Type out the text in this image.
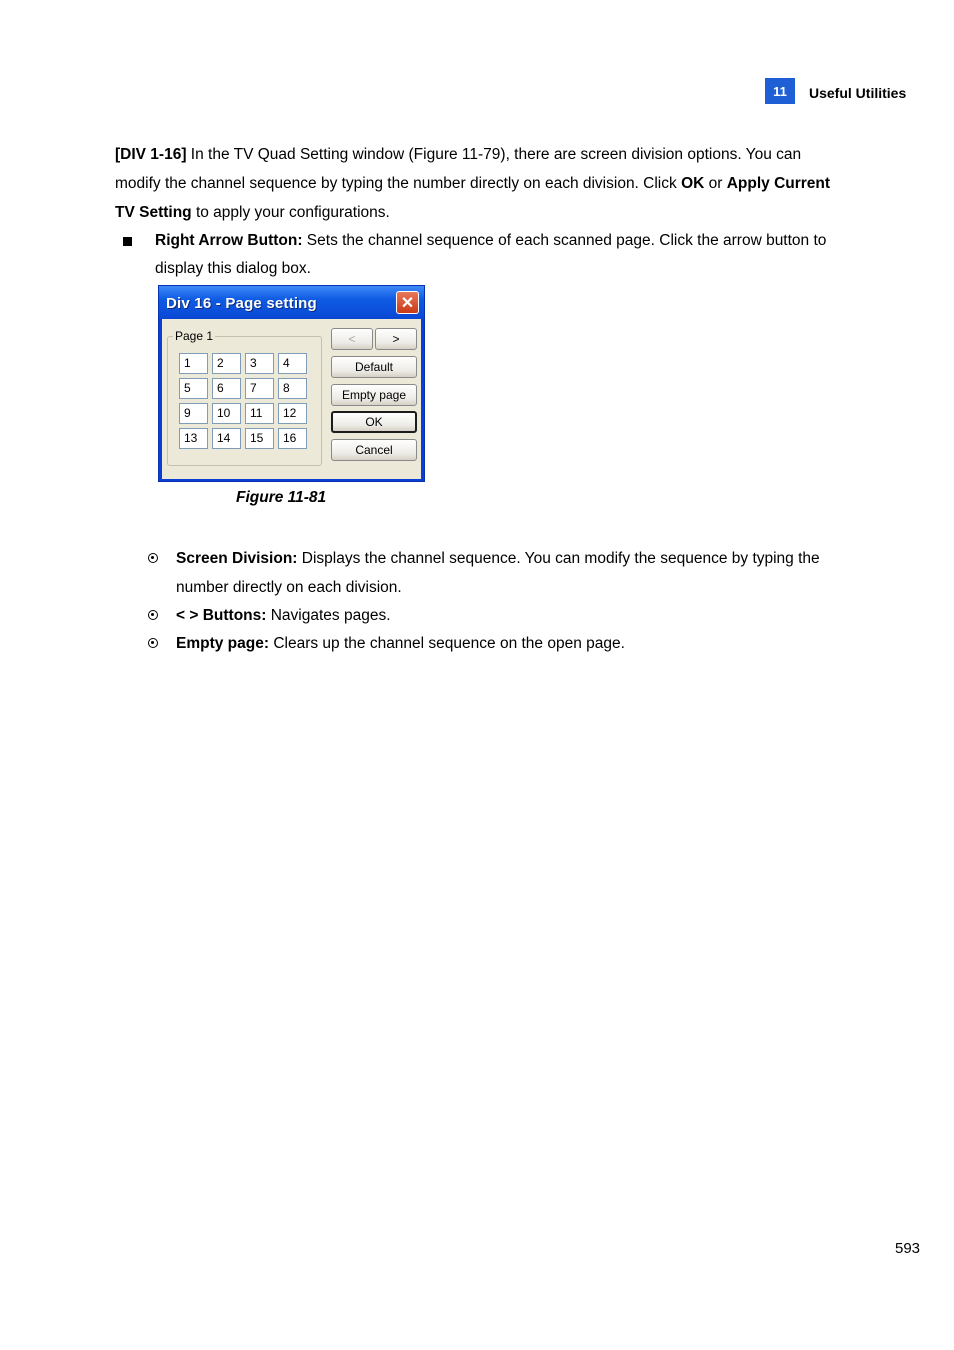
11	Useful Utilities
[DIV 1-16] In the TV Quad Setting window (Figure 11-79), there are screen division options. You can modify the channel sequence by typing the number directly on each division. Click OK or Apply Current TV Setting to apply your configurations.
Right Arrow Button: Sets the channel sequence of each scanned page. Click the arrow button to display this dialog box.
Div 16 - Page setting	✕
1	2	3	4
5	6	7	8
9	10	11	12
13	14	15	16
Page 1	<	>
Default
Empty page
OK
Cancel
Figure 11-81
Screen Division: Displays the channel sequence. You can modify the sequence by typing the number directly on each division.
< > Buttons: Navigates pages.
Empty page: Clears up the channel sequence on the open page.
593
